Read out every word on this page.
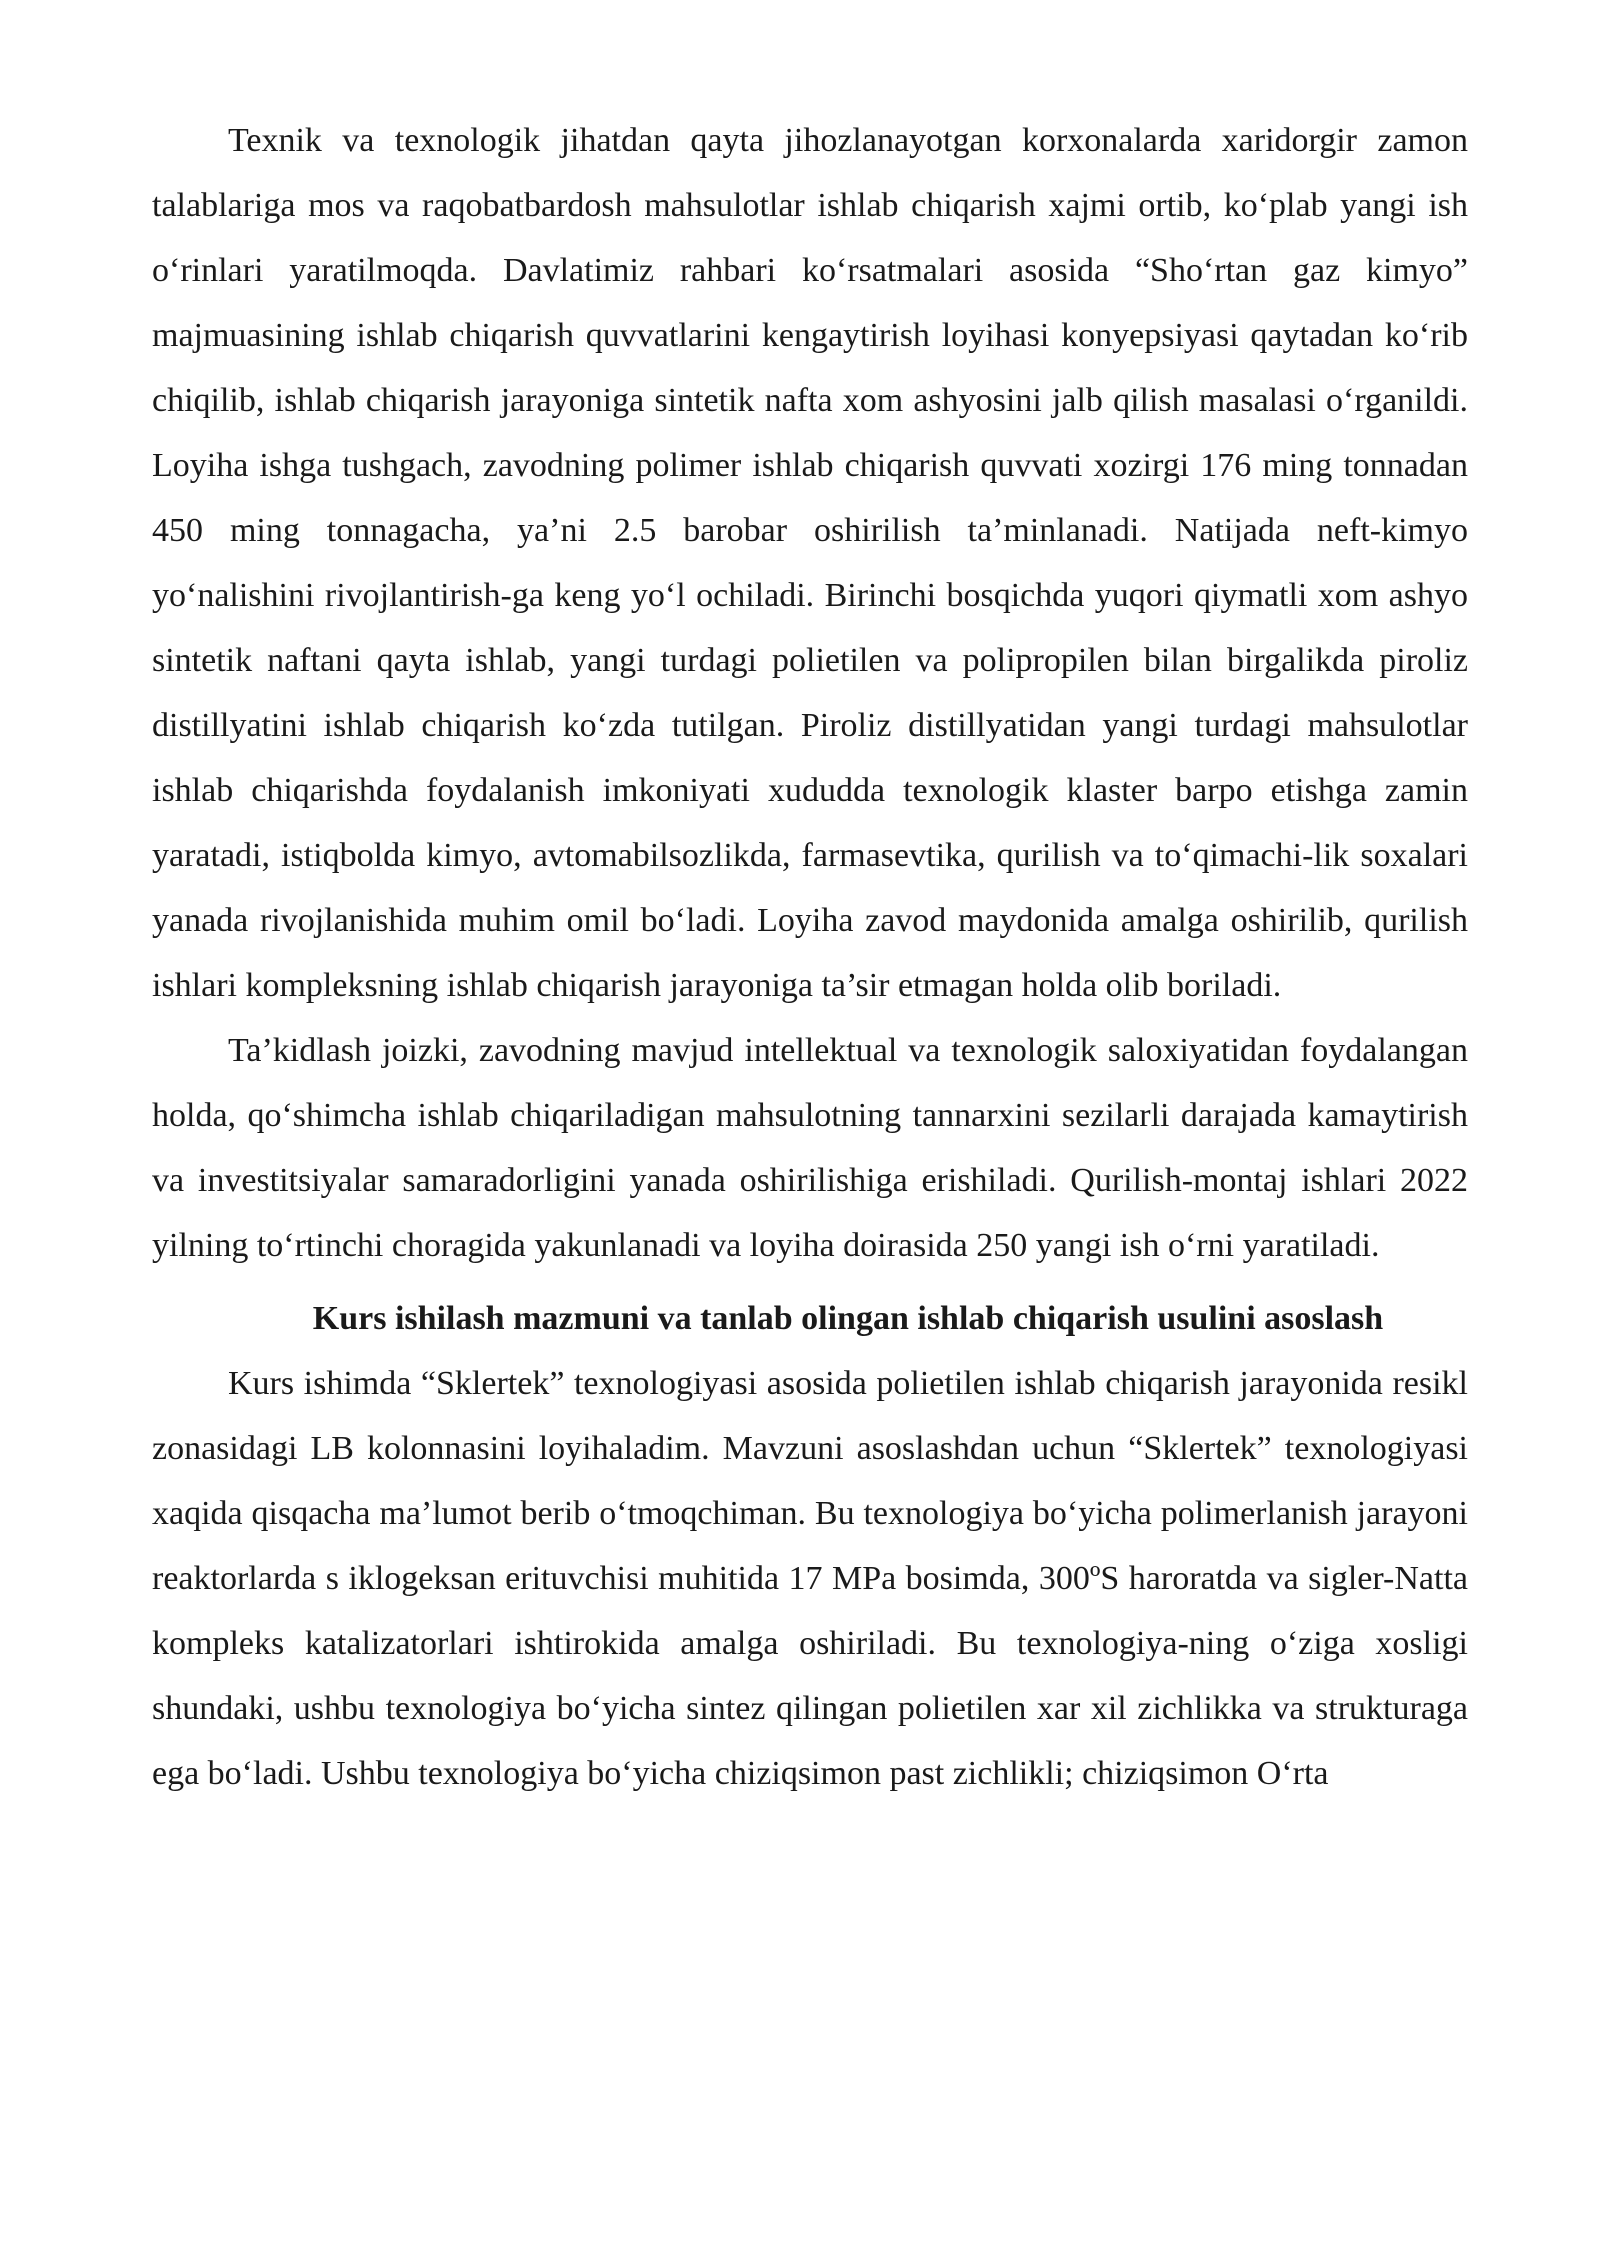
Texnik va texnologik jihatdan qayta jihozlanayotgan korxonalarda xaridorgir zamon talablariga mos va raqobatbardosh mahsulotlar ishlab chiqarish xajmi ortib, koʻplab yangi ish oʻrinlari yaratilmoqda. Davlatimiz rahbari koʻrsatmalari asosida “Shoʻrtan gaz kimyo” majmuasining ishlab chiqarish quvvatlarini kengaytirish loyihasi konyepsiyasi qaytadan koʻrib chiqilib, ishlab chiqarish jarayoniga sintetik nafta xom ashyosini jalb qilish masalasi oʻrganildi. Loyiha ishga tushgach, zavodning polimer ishlab chiqarish quvvati xozirgi 176 ming tonnadan 450 ming tonnagacha, ya’ni 2.5 barobar oshirilish ta’minlanadi. Natijada neft-kimyo yoʻnalishini rivojlantirish-ga keng yoʻl ochiladi. Birinchi bosqichda yuqori qiymatli xom ashyo sintetik naftani qayta ishlab, yangi turdagi polietilen va polipropilen bilan birgalikda piroliz distillyatini ishlab chiqarish koʻzda tutilgan. Piroliz distillyatidan yangi turdagi mahsulotlar ishlab chiqarishda foydalanish imkoniyati xududda texnologik klaster barpo etishga zamin yaratadi, istiqbolda kimyo, avtomabilsozlikda, farmasevtika, qurilish va toʻqimachi-lik soxalari yanada rivojlanishida muhim omil boʻladi. Loyiha zavod maydonida amalga oshirilib, qurilish ishlari kompleksning ishlab chiqarish jarayoniga ta’sir etmagan holda olib boriladi.

Ta’kidlash joizki, zavodning mavjud intellektual va texnologik saloxiyatidan foydalangan holda, qoʻshimcha ishlab chiqariladigan mahsulotning tannarxini sezilarli darajada kamaytirish va investitsiyalar samaradorligini yanada oshirilishiga erishiladi. Qurilish-montaj ishlari 2022 yilning toʻrtinchi choragida yakunlanadi va loyiha doirasida 250 yangi ish oʻrni yaratiladi.

Kurs ishilash mazmuni va tanlab olingan ishlab chiqarish usulini asoslash

Kurs ishimda “Sklertek” texnologiyasi asosida polietilen ishlab chiqarish jarayonida resikl zonasidagi LB kolonnasini loyihaladim. Mavzuni asoslashdan uchun “Sklertek” texnologiyasi xaqida qisqacha ma’lumot berib oʻtmoqchiman. Bu texnologiya boʻyicha polimerlanish jarayoni reaktorlarda s iklogeksan erituvchisi muhitida 17 MPa bosimda, 300ºS haroratda va sigler-Natta kompleks katalizatorlari ishtirokida amalga oshiriladi. Bu texnologiya-ning oʻziga xosligi shundaki, ushbu texnologiya boʻyicha sintez qilingan polietilen xar xil zichlikka va strukturaga ega boʻladi. Ushbu texnologiya boʻyicha chiziqsimon past zichlikli; chiziqsimon Oʻrta
